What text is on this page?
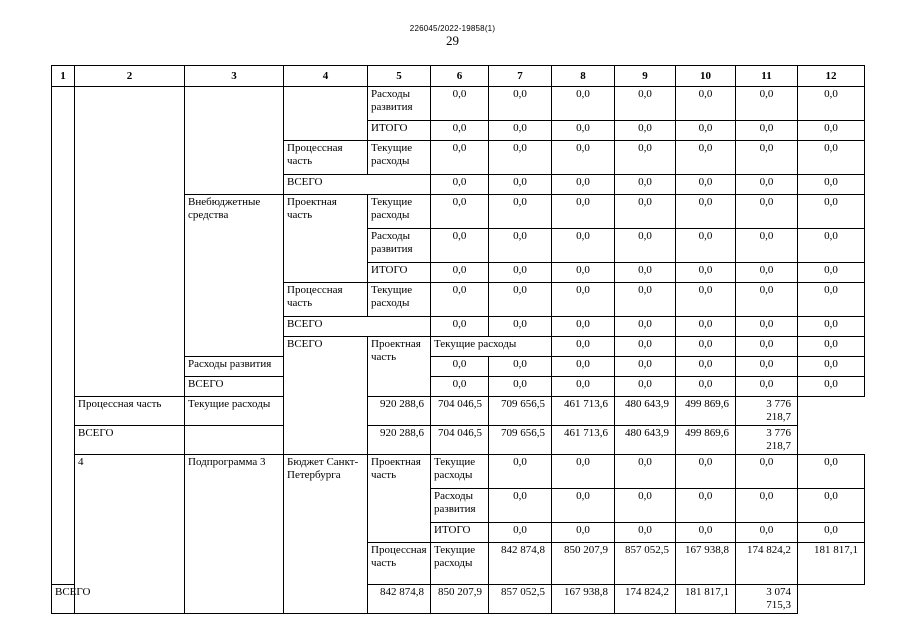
226045/2022-19858(1)
29
1	2	3	4	5	6	7	8	9	10	11	12	
				Расходы развития	0,0	0,0	0,0	0,0	0,0	0,0	0,0	
				ИТОГО	0,0	0,0	0,0	0,0	0,0	0,0	0,0	
			Процессная часть	Текущие расходы	0,0	0,0	0,0	0,0	0,0	0,0	0,0	
			ВСЕГО		0,0	0,0	0,0	0,0	0,0	0,0	0,0	
		Внебюджетные средства	Проектная часть	Текущие расходы	0,0	0,0	0,0	0,0	0,0	0,0	0,0	
				Расходы развития	0,0	0,0	0,0	0,0	0,0	0,0	0,0	
				ИТОГО	0,0	0,0	0,0	0,0	0,0	0,0	0,0	
			Процессная часть	Текущие расходы	0,0	0,0	0,0	0,0	0,0	0,0	0,0	
			ВСЕГО		0,0	0,0	0,0	0,0	0,0	0,0	0,0	
			ВСЕГО	Проектная часть	Текущие расходы		0,0	0,0	0,0	0,0	0,0		
		Расходы развития			0,0	0,0	0,0	0,0	0,0	0,0	0,0	
		ВСЕГО			0,0	0,0	0,0	0,0	0,0	0,0	0,0	
	Процессная часть	Текущие расходы		920 288,6	704 046,5	709 656,5	461 713,6	480 643,9	499 869,6	3 776 218,7		
	ВСЕГО			920 288,6	704 046,5	709 656,5	461 713,6	480 643,9	499 869,6	3 776 218,7		
	4	Подпрограмма 3	Бюджет Санкт-Петербурга	Проектная часть	Текущие расходы	0,0	0,0	0,0	0,0	0,0	0,0	
					Расходы развития	0,0	0,0	0,0	0,0	0,0	0,0	
					ИТОГО	0,0	0,0	0,0	0,0	0,0	0,0	
				Процессная часть	Текущие расходы	842 874,8	850 207,9	857 052,5	167 938,8	174 824,2	181 817,1	
ВСЕГО				842 874,8	850 207,9	857 052,5	167 938,8	174 824,2	181 817,1	3 074 715,3		
